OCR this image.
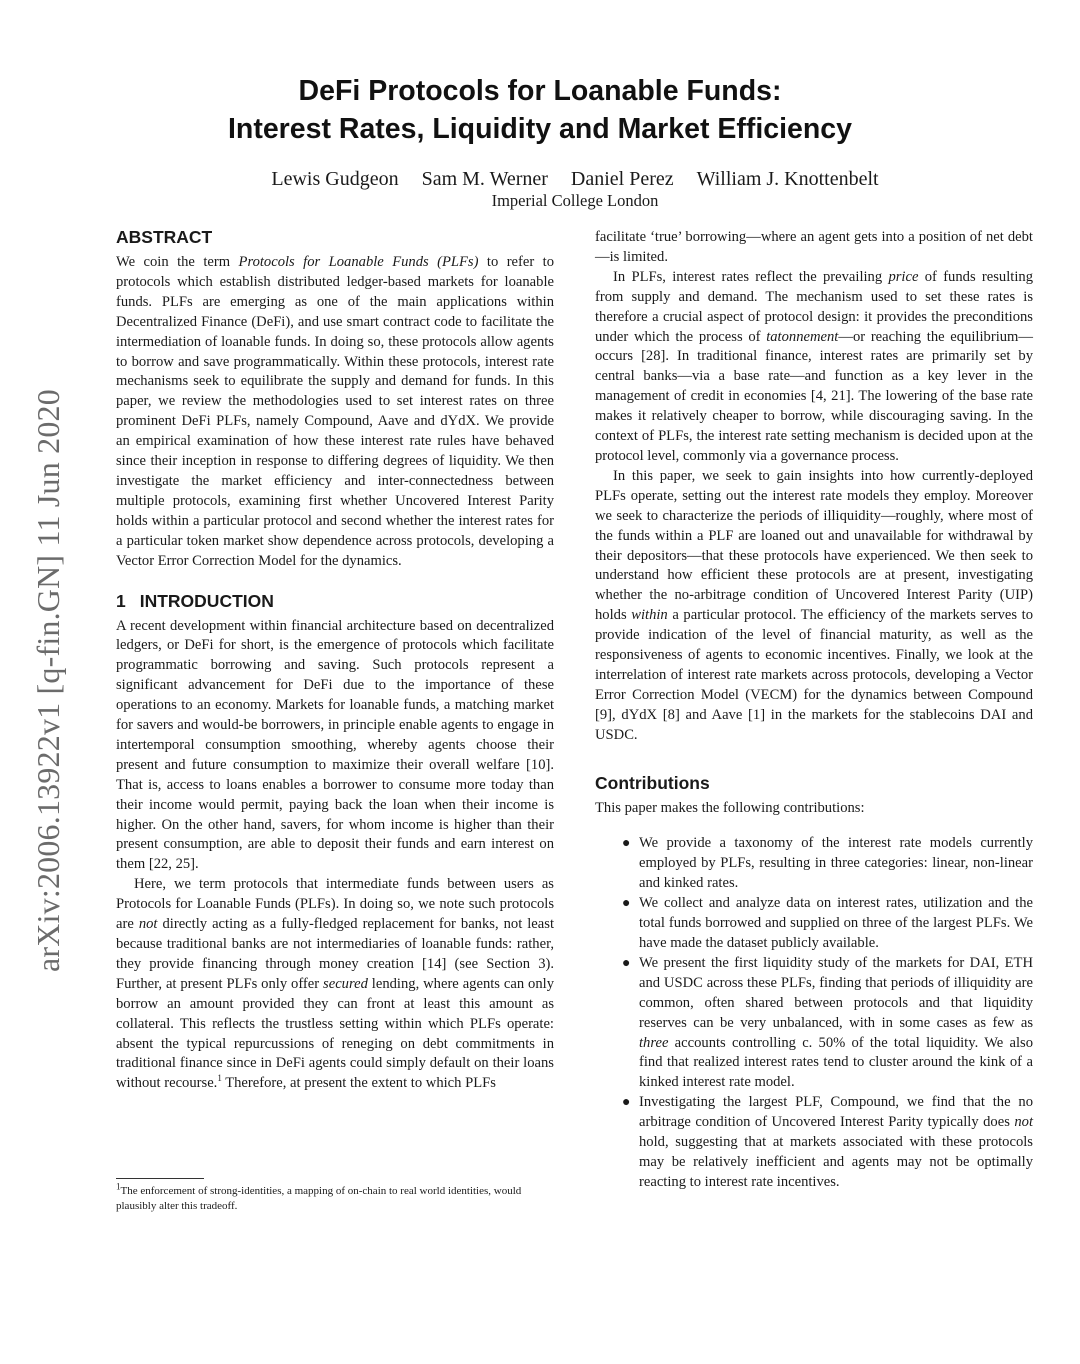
arXiv:2006.13922v1 [q-fin.GN] 11 Jun 2020
DeFi Protocols for Loanable Funds:
Interest Rates, Liquidity and Market Efficiency
Lewis Gudgeon Sam M. Werner Daniel Perez William J. Knottenbelt
Imperial College London
ABSTRACT

We coin the term Protocols for Loanable Funds (PLFs) to refer to protocols which establish distributed ledger-based markets for loanable funds. PLFs are emerging as one of the main applications within Decentralized Finance (DeFi), and use smart contract code to facilitate the intermediation of loanable funds. In doing so, these protocols allow agents to borrow and save programmatically. Within these protocols, interest rate mechanisms seek to equilibrate the supply and demand for funds. In this paper, we review the methodologies used to set interest rates on three prominent DeFi PLFs, namely Compound, Aave and dYdX. We provide an empirical examination of how these interest rate rules have behaved since their inception in response to differing degrees of liquidity. We then investigate the market efficiency and inter-connectedness between multiple protocols, examining first whether Uncovered Interest Parity holds within a particular protocol and second whether the interest rates for a particular token market show dependence across protocols, developing a Vector Error Correction Model for the dynamics.

1 INTRODUCTION

A recent development within financial architecture based on decentralized ledgers, or DeFi for short, is the emergence of protocols which facilitate programmatic borrowing and saving. Such protocols represent a significant advancement for DeFi due to the importance of these operations to an economy. Markets for loanable funds, a matching market for savers and would-be borrowers, in principle enable agents to engage in intertemporal consumption smoothing, whereby agents choose their present and future consumption to maximize their overall welfare [10]. That is, access to loans enables a borrower to consume more today than their income would permit, paying back the loan when their income is higher. On the other hand, savers, for whom income is higher than their present consumption, are able to deposit their funds and earn interest on them [22, 25].

Here, we term protocols that intermediate funds between users as Protocols for Loanable Funds (PLFs). In doing so, we note such protocols are not directly acting as a fully-fledged replacement for banks, not least because traditional banks are not intermediaries of loanable funds: rather, they provide financing through money creation [14] (see Section 3). Further, at present PLFs only offer secured lending, where agents can only borrow an amount provided they can front at least this amount as collateral. This reflects the trustless setting within which PLFs operate: absent the typical repurcussions of reneging on debt commitments in traditional finance since in DeFi agents could simply default on their loans without recourse.$^1$ Therefore, at present the extent to which PLFs

$^1$The enforcement of strong-identities, a mapping of on-chain to real world identities, would plausibly alter this tradeoff.

facilitate ‘true’ borrowing—where an agent gets into a position of net debt—is limited.

In PLFs, interest rates reflect the prevailing price of funds resulting from supply and demand. The mechanism used to set these rates is therefore a crucial aspect of protocol design: it provides the preconditions under which the process of tatonnement—or reaching the equilibrium—occurs [28]. In traditional finance, interest rates are primarily set by central banks—via a base rate—and function as a key lever in the management of credit in economies [4, 21]. The lowering of the base rate makes it relatively cheaper to borrow, while discouraging saving. In the context of PLFs, the interest rate setting mechanism is decided upon at the protocol level, commonly via a governance process.

In this paper, we seek to gain insights into how currently-deployed PLFs operate, setting out the interest rate models they employ. Moreover we seek to characterize the periods of illiquidity—roughly, where most of the funds within a PLF are loaned out and unavailable for withdrawal by their depositors—that these protocols have experienced. We then seek to understand how efficient these protocols are at present, investigating whether the no-arbitrage condition of Uncovered Interest Parity (UIP) holds within a particular protocol. The efficiency of the markets serves to provide indication of the level of financial maturity, as well as the responsiveness of agents to economic incentives. Finally, we look at the interrelation of interest rate markets across protocols, developing a Vector Error Correction Model (VECM) for the dynamics between Compound [9], dYdX [8] and Aave [1] in the markets for the stablecoins DAI and USDC.

Contributions

This paper makes the following contributions:

● We provide a taxonomy of the interest rate models currently employed by PLFs, resulting in three categories: linear, non-linear and kinked rates.
● We collect and analyze data on interest rates, utilization and the total funds borrowed and supplied on three of the largest PLFs. We have made the dataset publicly available.
● We present the first liquidity study of the markets for DAI, ETH and USDC across these PLFs, finding that periods of illiquidity are common, often shared between protocols and that liquidity reserves can be very unbalanced, with in some cases as few as three accounts controlling c. 50% of the total liquidity. We also find that realized interest rates tend to cluster around the kink of a kinked interest rate model.
● Investigating the largest PLF, Compound, we find that the no arbitrage condition of Uncovered Interest Parity typically does not hold, suggesting that at markets associated with these protocols may be relatively inefficient and agents may not be optimally reacting to interest rate incentives.
